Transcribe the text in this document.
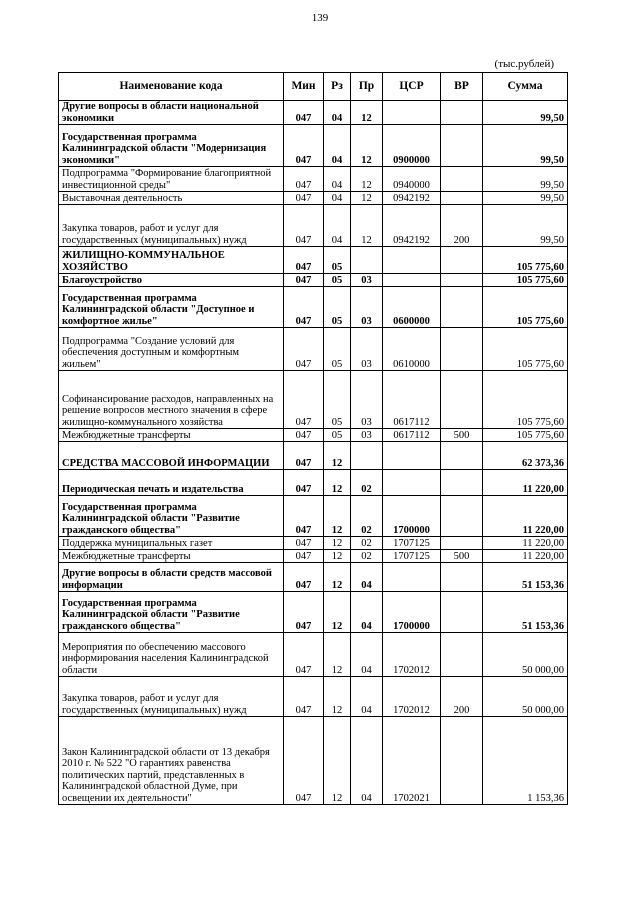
139
(тыс.рублей)
Наименование кода	Мин	Рз	Пр	ЦСР	ВР	Сумма
Другие вопросы в области национальной экономики	047	04	12			99,50
Государственная программа Калининградской области "Модернизация экономики"	047	04	12	0900000		99,50
Подпрограмма "Формирование благоприятной инвестиционной среды"	047	04	12	0940000		99,50
Выставочная деятельность	047	04	12	0942192		99,50
Закупка товаров, работ и услуг для государственных (муниципальных) нужд	047	04	12	0942192	200	99,50
ЖИЛИЩНО-КОММУНАЛЬНОЕ ХОЗЯЙСТВО	047	05				105 775,60
Благоустройство	047	05	03			105 775,60
Государственная программа Калининградской области "Доступное и комфортное жилье"	047	05	03	0600000		105 775,60
Подпрограмма "Создание условий для обеспечения доступным и комфортным жильем"	047	05	03	0610000		105 775,60
Софинансирование расходов, направленных на решение вопросов местного значения в сфере жилищно-коммунального хозяйства	047	05	03	0617112		105 775,60
Межбюджетные трансферты	047	05	03	0617112	500	105 775,60
СРЕДСТВА МАССОВОЙ ИНФОРМАЦИИ	047	12				62 373,36
Периодическая печать и издательства	047	12	02			11 220,00
Государственная программа Калининградской области "Развитие гражданского общества"	047	12	02	1700000		11 220,00
Поддержка муниципальных газет	047	12	02	1707125		11 220,00
Межбюджетные трансферты	047	12	02	1707125	500	11 220,00
Другие вопросы в области средств массовой информации	047	12	04			51 153,36
Государственная программа Калининградской области "Развитие гражданского общества"	047	12	04	1700000		51 153,36
Мероприятия по обеспечению массового информирования населения Калининградской области	047	12	04	1702012		50 000,00
Закупка товаров, работ и услуг для государственных (муниципальных) нужд	047	12	04	1702012	200	50 000,00
Закон Калининградской области от 13 декабря 2010 г. № 522 "О гарантиях равенства политических партий, представленных в Калининградской областной Думе, при освещении их деятельности"	047	12	04	1702021		1 153,36
